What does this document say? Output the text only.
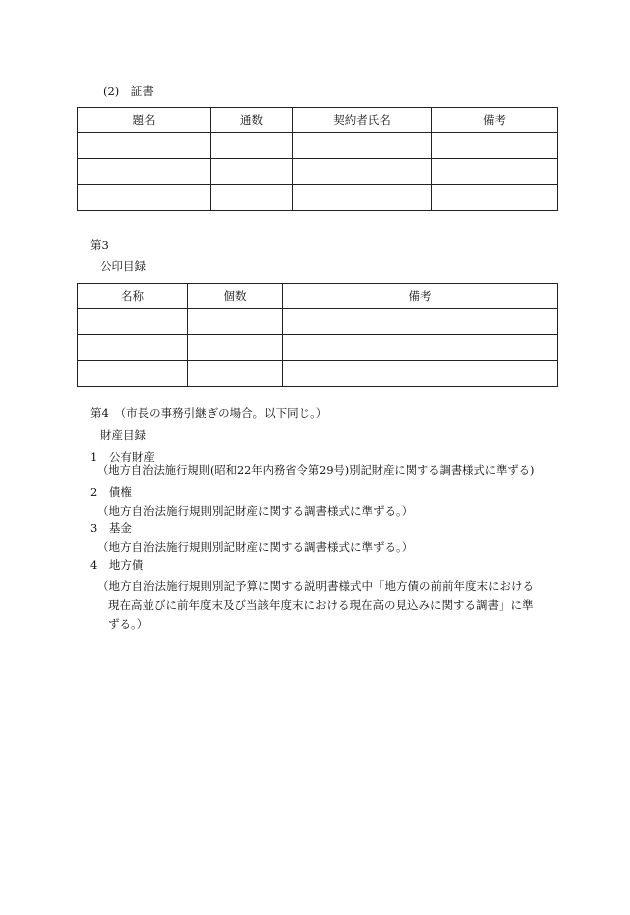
(2)　証書
題名	通数	契約者氏名	備考

第3
公印目録
名称	個数	備考

第4　（市長の事務引継ぎの場合。以下同じ。）
財産目録
1　公有財産
（地方自治法施行規則(昭和22年内務省令第29号)別記財産に関する調書様式に準ずる)
2　債権
（地方自治法施行規則別記財産に関する調書様式に準ずる。）
3　基金
（地方自治法施行規則別記財産に関する調書様式に準ずる。）
4　地方債
（地方自治法施行規則別記予算に関する説明書様式中「地方債の前前年度末における
現在高並びに前年度末及び当該年度末における現在高の見込みに関する調書」に準
ずる。）
